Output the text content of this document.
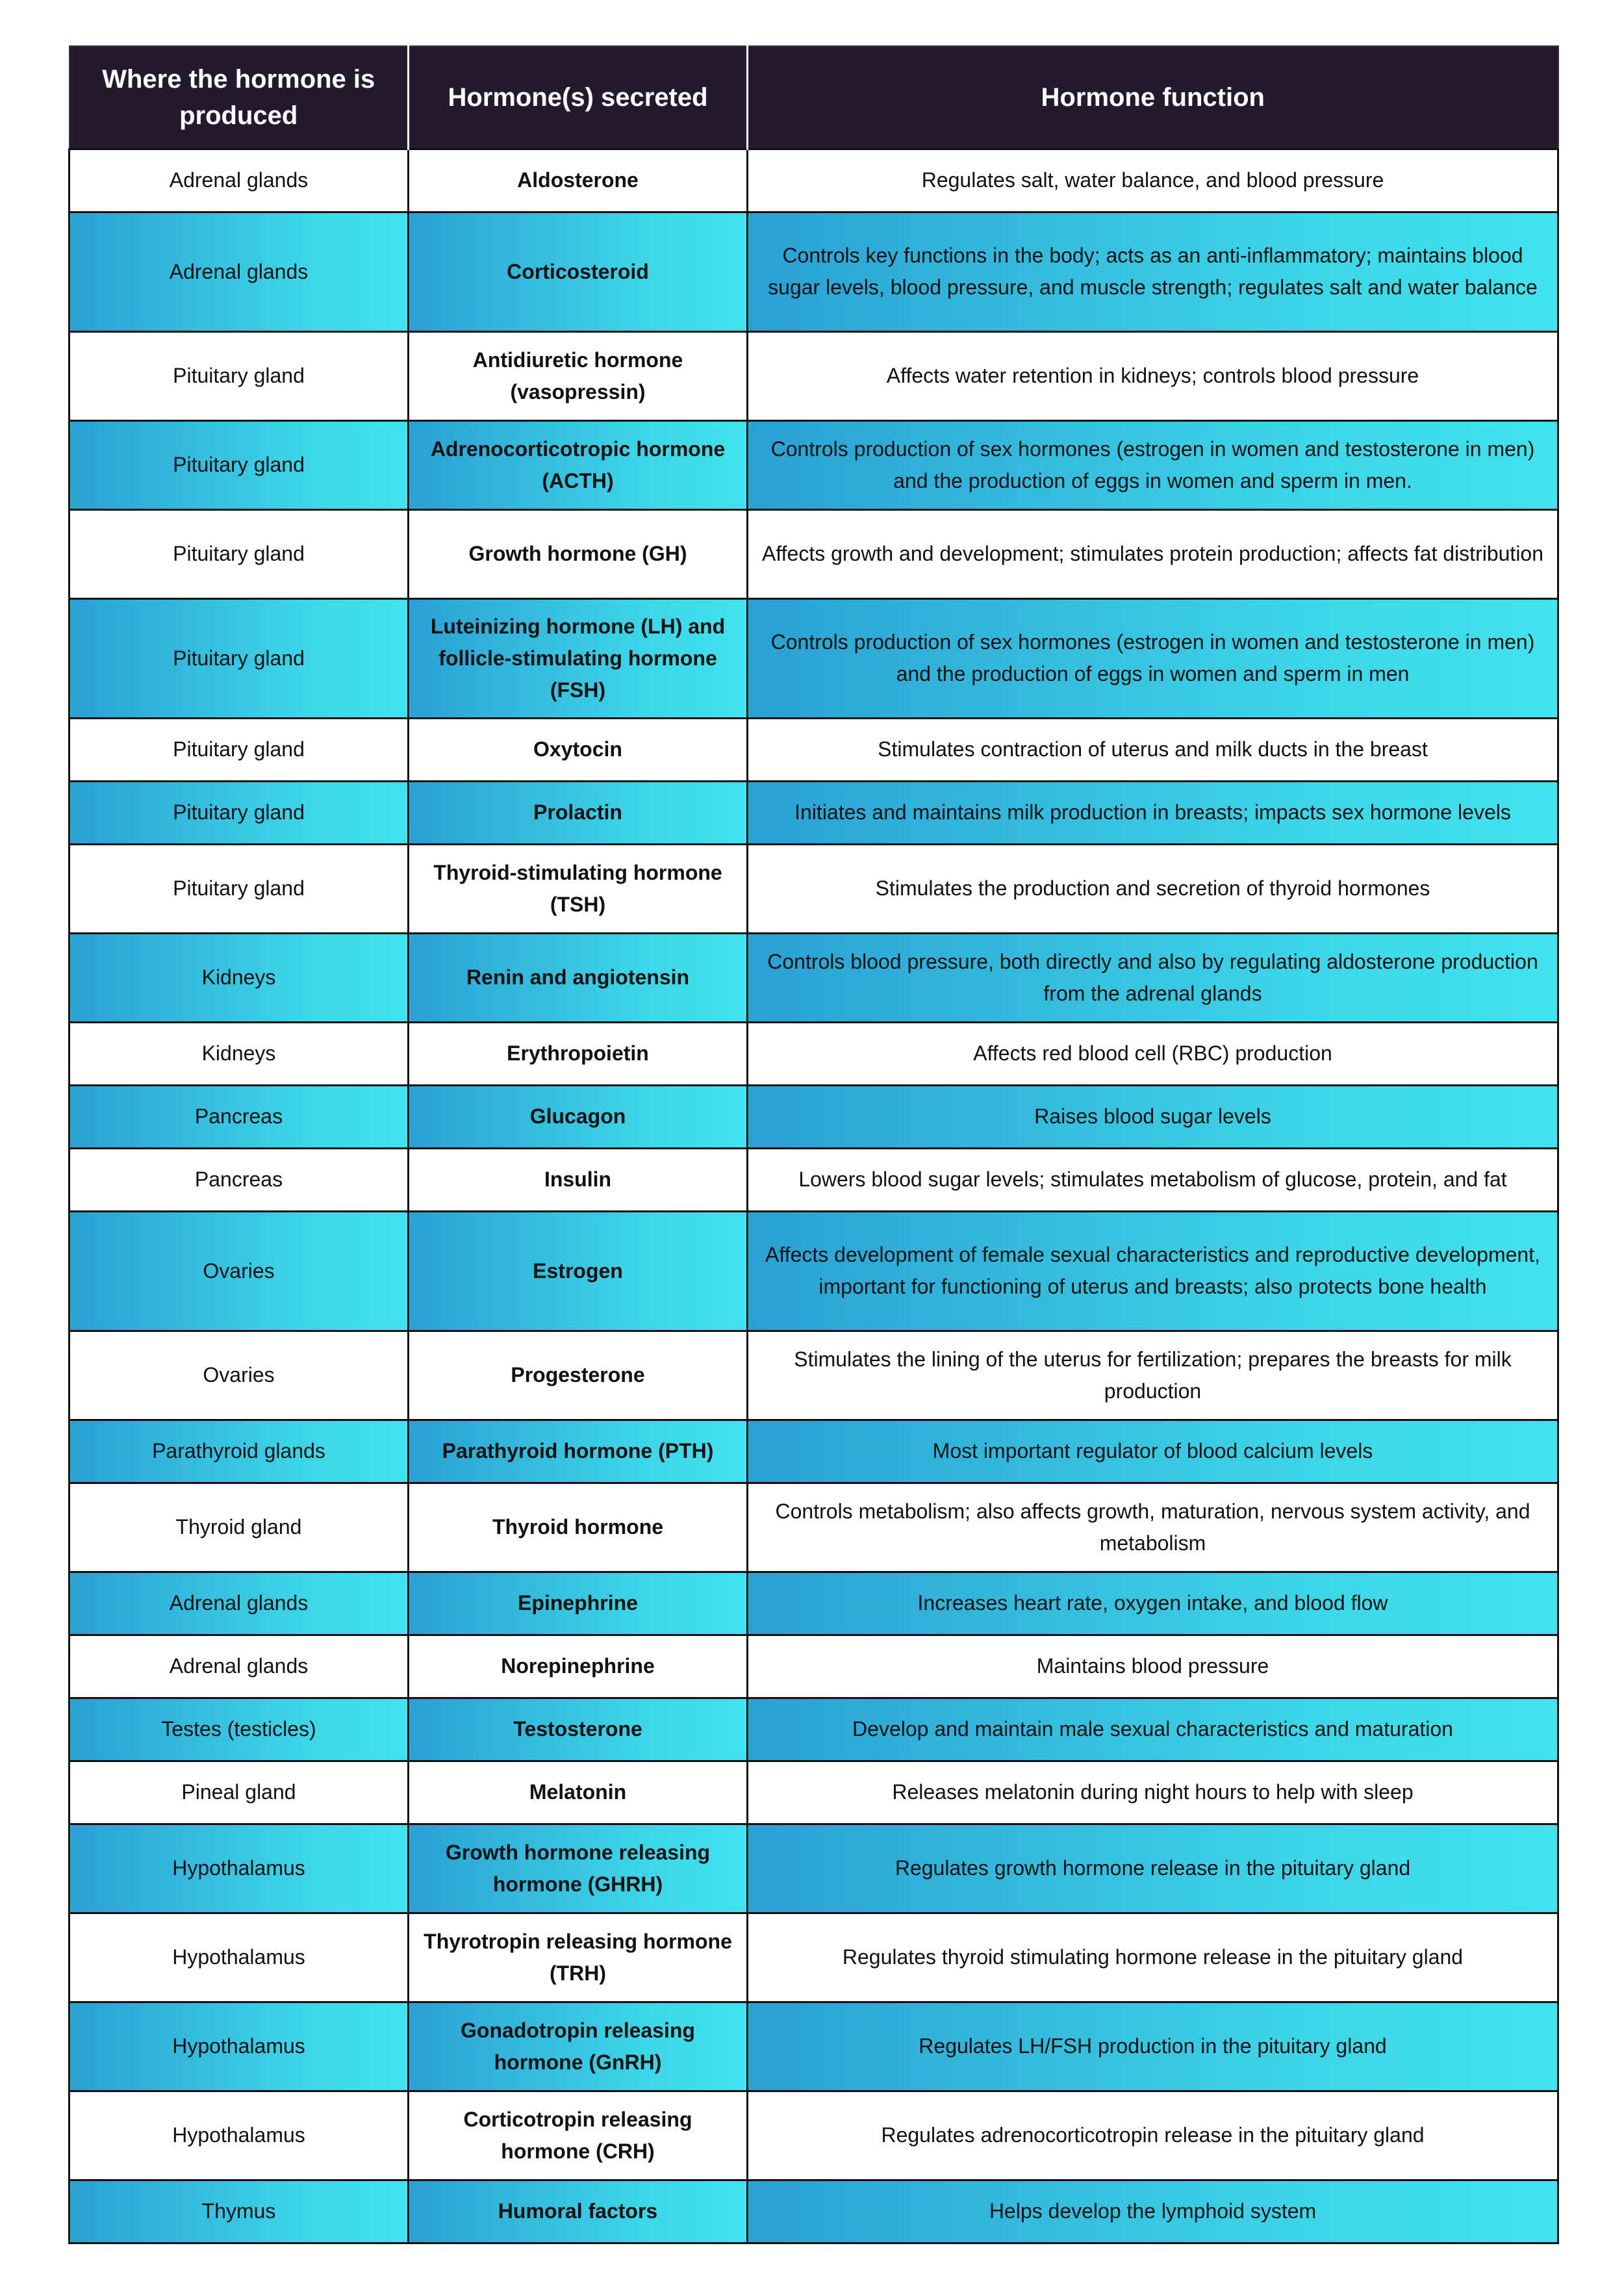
Where the hormone is produced	Hormone(s) secreted	Hormone function
Adrenal glands	Aldosterone	Regulates salt, water balance, and blood pressure
Adrenal glands	Corticosteroid	Controls key functions in the body; acts as an anti-inflammatory; maintains blood sugar levels, blood pressure, and muscle strength; regulates salt and water balance
Pituitary gland	Antidiuretic hormone (vasopressin)	Affects water retention in kidneys; controls blood pressure
Pituitary gland	Adrenocorticotropic hormone (ACTH)	Controls production of sex hormones (estrogen in women and testosterone in men) and the production of eggs in women and sperm in men.
Pituitary gland	Growth hormone (GH)	Affects growth and development; stimulates protein production; affects fat distribution
Pituitary gland	Luteinizing hormone (LH) and follicle-stimulating hormone (FSH)	Controls production of sex hormones (estrogen in women and testosterone in men) and the production of eggs in women and sperm in men
Pituitary gland	Oxytocin	Stimulates contraction of uterus and milk ducts in the breast
Pituitary gland	Prolactin	Initiates and maintains milk production in breasts; impacts sex hormone levels
Pituitary gland	Thyroid-stimulating hormone (TSH)	Stimulates the production and secretion of thyroid hormones
Kidneys	Renin and angiotensin	Controls blood pressure, both directly and also by regulating aldosterone production from the adrenal glands
Kidneys	Erythropoietin	Affects red blood cell (RBC) production
Pancreas	Glucagon	Raises blood sugar levels
Pancreas	Insulin	Lowers blood sugar levels; stimulates metabolism of glucose, protein, and fat
Ovaries	Estrogen	Affects development of female sexual characteristics and reproductive development, important for functioning of uterus and breasts; also protects bone health
Ovaries	Progesterone	Stimulates the lining of the uterus for fertilization; prepares the breasts for milk production
Parathyroid glands	Parathyroid hormone (PTH)	Most important regulator of blood calcium levels
Thyroid gland	Thyroid hormone	Controls metabolism; also affects growth, maturation, nervous system activity, and metabolism
Adrenal glands	Epinephrine	Increases heart rate, oxygen intake, and blood flow
Adrenal glands	Norepinephrine	Maintains blood pressure
Testes (testicles)	Testosterone	Develop and maintain male sexual characteristics and maturation
Pineal gland	Melatonin	Releases melatonin during night hours to help with sleep
Hypothalamus	Growth hormone releasing hormone (GHRH)	Regulates growth hormone release in the pituitary gland
Hypothalamus	Thyrotropin releasing hormone (TRH)	Regulates thyroid stimulating hormone release in the pituitary gland
Hypothalamus	Gonadotropin releasing hormone (GnRH)	Regulates LH/FSH production in the pituitary gland
Hypothalamus	Corticotropin releasing hormone (CRH)	Regulates adrenocorticotropin release in the pituitary gland
Thymus	Humoral factors	Helps develop the lymphoid system
